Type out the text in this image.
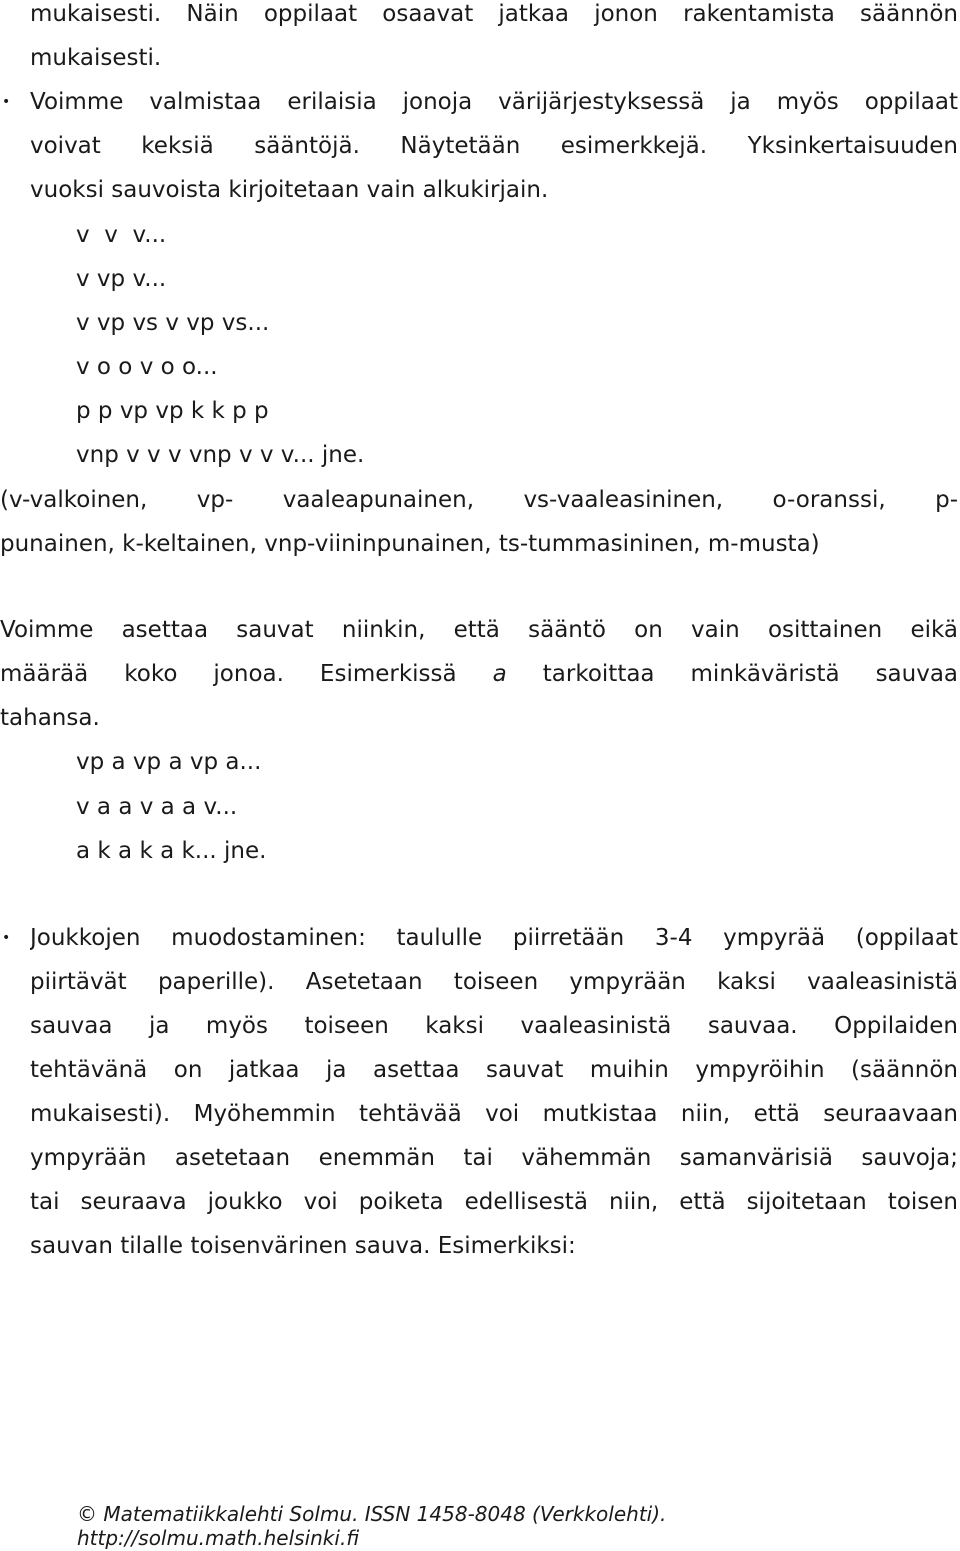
mukaisesti. Näin oppilaat osaavat jatkaa jonon rakentamista säännön
mukaisesti.
• Voimme valmistaa erilaisia jonoja värijärjestyksessä ja myös oppilaat
voivat keksiä sääntöjä. Näytetään esimerkkejä. Yksinkertaisuuden
vuoksi sauvoista kirjoitetaan vain alkukirjain.
v  v  v...
v vp v...
v vp vs v vp vs...
v o o v o o...
p p vp vp k k p p
vnp v v v vnp v v v... jne.
(v-valkoinen, vp- vaaleapunainen, vs-vaaleasininen, o-oranssi, p-
punainen, k-keltainen, vnp-viininpunainen, ts-tummasininen, m-musta)
Voimme asettaa sauvat niinkin, että sääntö on vain osittainen eikä
määrää koko jonoa. Esimerkissä a tarkoittaa minkäväristä sauvaa
tahansa.
vp a vp a vp a...
v a a v a a v...
a k a k a k... jne.
• Joukkojen muodostaminen: taululle piirretään 3-4 ympyrää (oppilaat
piirtävät paperille). Asetetaan toiseen ympyrään kaksi vaaleasinistä
sauvaa ja myös toiseen kaksi vaaleasinistä sauvaa. Oppilaiden
tehtävänä on jatkaa ja asettaa sauvat muihin ympyröihin (säännön
mukaisesti). Myöhemmin tehtävää voi mutkistaa niin, että seuraavaan
ympyrään asetetaan enemmän tai vähemmän samanvärisiä sauvoja;
tai seuraava joukko voi poiketa edellisestä niin, että sijoitetaan toisen
sauvan tilalle toisenvärinen sauva. Esimerkiksi:
© Matematiikkalehti Solmu. ISSN 1458-8048 (Verkkolehti).
http://solmu.math.helsinki.fi
